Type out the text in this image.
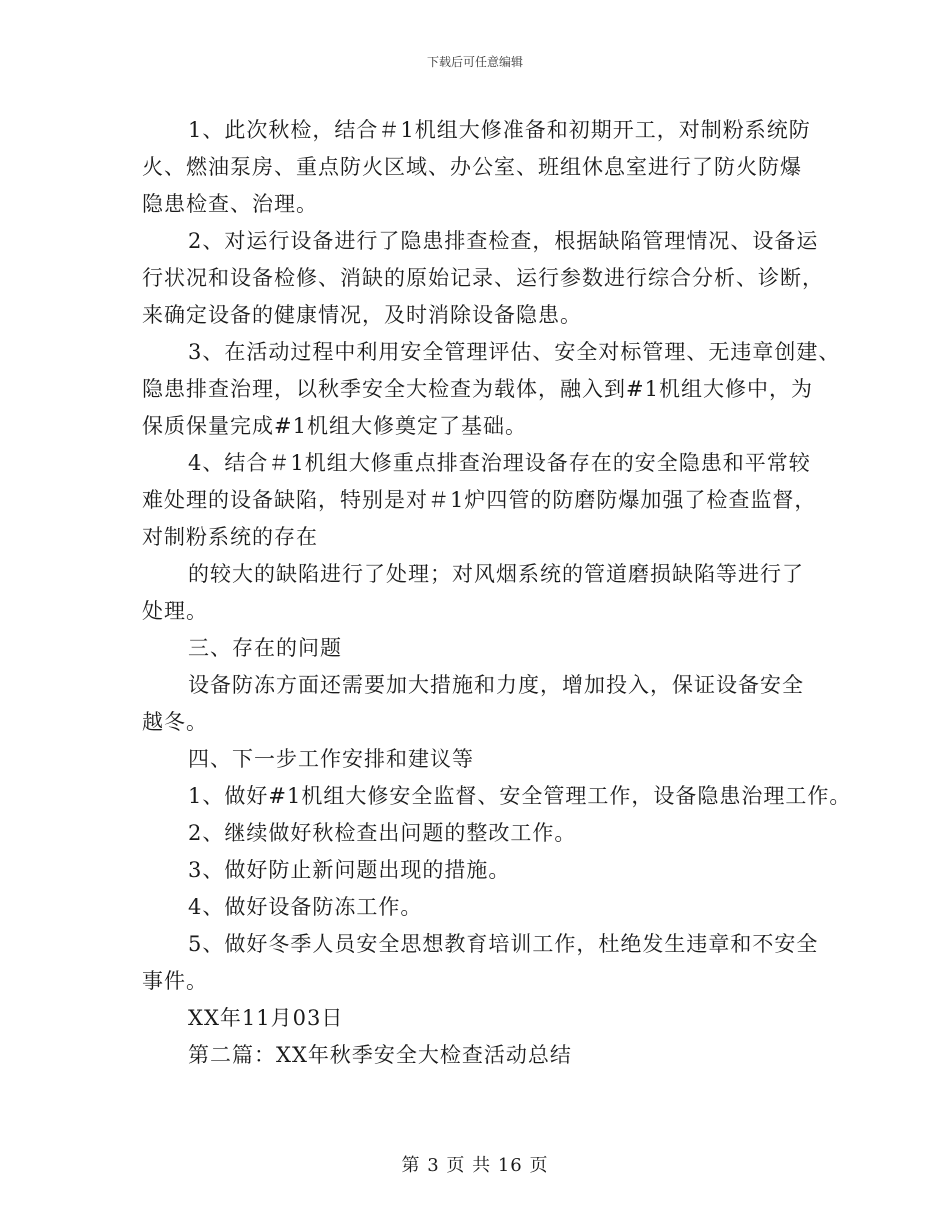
下载后可任意编辑
1、此次秋检，结合＃1机组大修准备和初期开工，对制粉系统防
火、燃油泵房、重点防火区域、办公室、班组休息室进行了防火防爆
隐患检查、治理。
2、对运行设备进行了隐患排查检查，根据缺陷管理情况、设备运
行状况和设备检修、消缺的原始记录、运行参数进行综合分析、诊断，
来确定设备的健康情况，及时消除设备隐患。
3、在活动过程中利用安全管理评估、安全对标管理、无违章创建、
隐患排查治理，以秋季安全大检查为载体，融入到#1机组大修中，为
保质保量完成#1机组大修奠定了基础。
4、结合＃1机组大修重点排查治理设备存在的安全隐患和平常较
难处理的设备缺陷，特别是对＃1炉四管的防磨防爆加强了检查监督，
对制粉系统的存在
的较大的缺陷进行了处理；对风烟系统的管道磨损缺陷等进行了
处理。
三、存在的问题
设备防冻方面还需要加大措施和力度，增加投入，保证设备安全
越冬。
四、下一步工作安排和建议等
1、做好#1机组大修安全监督、安全管理工作，设备隐患治理工作。
2、继续做好秋检查出问题的整改工作。
3、做好防止新问题出现的措施。
4、做好设备防冻工作。
5、做好冬季人员安全思想教育培训工作，杜绝发生违章和不安全
事件。
XX年11月03日
第二篇：XX年秋季安全大检查活动总结
第 3 页 共 16 页
